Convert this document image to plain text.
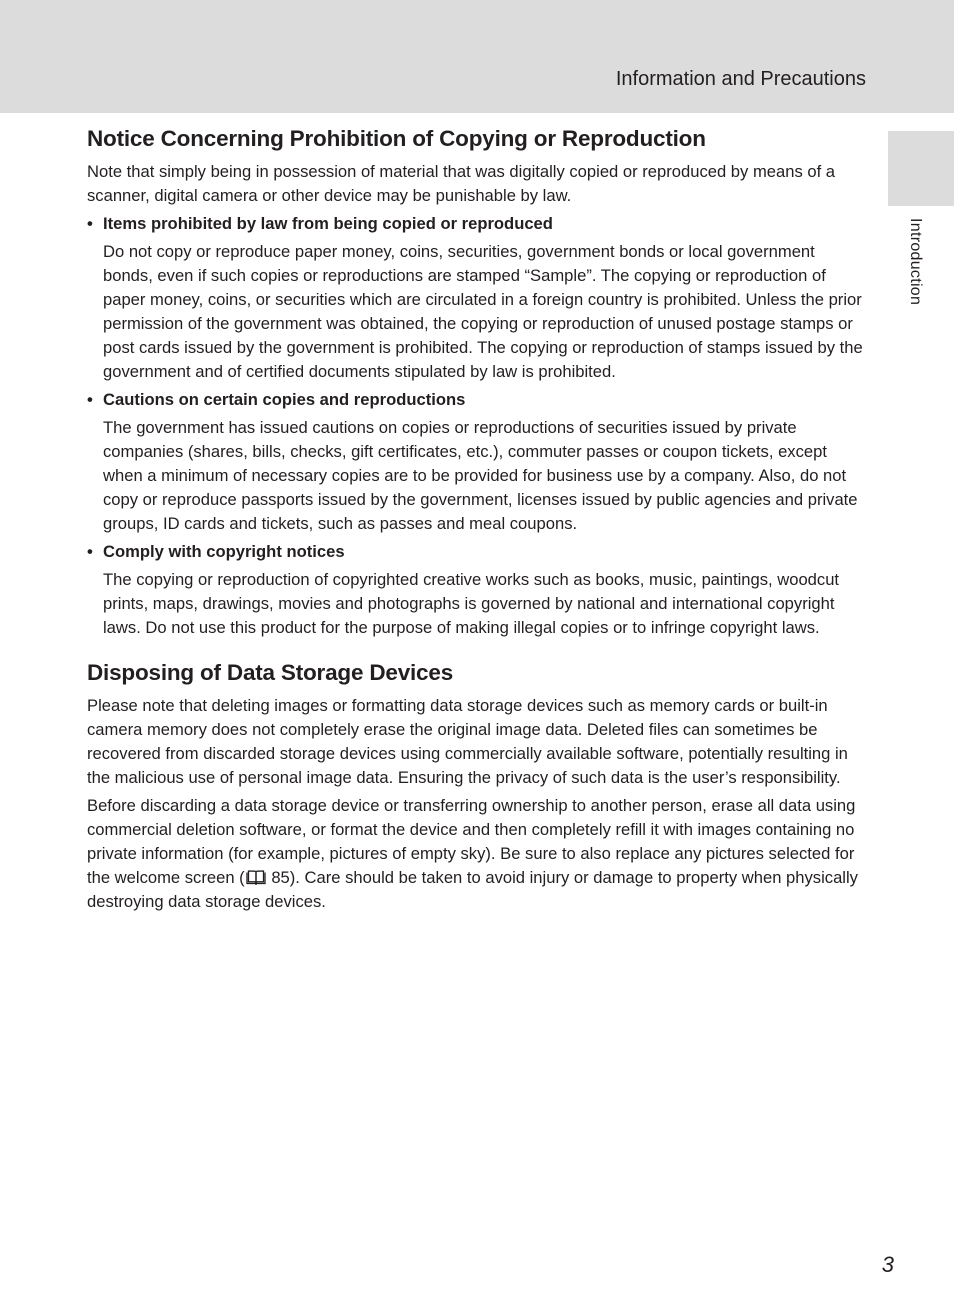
Information and Precautions
Introduction
Notice Concerning Prohibition of Copying or Reproduction

Note that simply being in possession of material that was digitally copied or reproduced by means of a scanner, digital camera or other device may be punishable by law.

• Items prohibited by law from being copied or reproduced
Do not copy or reproduce paper money, coins, securities, government bonds or local government bonds, even if such copies or reproductions are stamped “Sample”. The copying or reproduction of paper money, coins, or securities which are circulated in a foreign country is prohibited. Unless the prior permission of the government was obtained, the copying or reproduction of unused postage stamps or post cards issued by the government is prohibited. The copying or reproduction of stamps issued by the government and of certified documents stipulated by law is prohibited.
• Cautions on certain copies and reproductions
The government has issued cautions on copies or reproductions of securities issued by private companies (shares, bills, checks, gift certificates, etc.), commuter passes or coupon tickets, except when a minimum of necessary copies are to be provided for business use by a company. Also, do not copy or reproduce passports issued by the government, licenses issued by public agencies and private groups, ID cards and tickets, such as passes and meal coupons.
• Comply with copyright notices
The copying or reproduction of copyrighted creative works such as books, music, paintings, woodcut prints, maps, drawings, movies and photographs is governed by national and international copyright laws. Do not use this product for the purpose of making illegal copies or to infringe copyright laws.
Disposing of Data Storage Devices

Please note that deleting images or formatting data storage devices such as memory cards or built-in camera memory does not completely erase the original image data. Deleted files can sometimes be recovered from discarded storage devices using commercially available software, potentially resulting in the malicious use of personal image data. Ensuring the privacy of such data is the user’s responsibility.

Before discarding a data storage device or transferring ownership to another person, erase all data using commercial deletion software, or format the device and then completely refill it with images containing no private information (for example, pictures of empty sky). Be sure to also replace any pictures selected for the welcome screen ( 85). Care should be taken to avoid injury or damage to property when physically destroying data storage devices.

3
